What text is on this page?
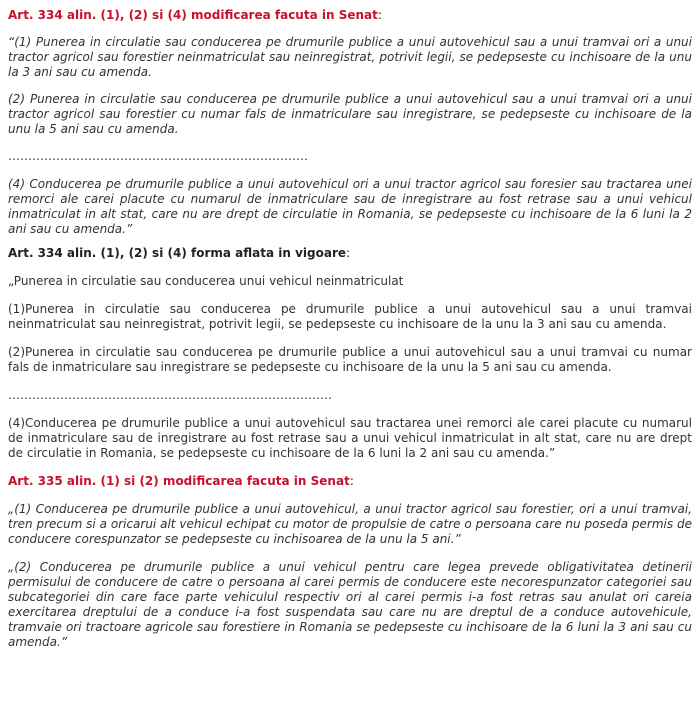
Art. 334 alin. (1), (2) si (4) modificarea facuta in Senat:

“(1) Punerea in circulatie sau conducerea pe drumurile publice a unui autovehicul sau a unui tramvai ori a unui tractor agricol sau forestier neinmatriculat sau neinregistrat, potrivit legii, se pedepseste cu inchisoare de la unu la 3 ani sau cu amenda.

(2) Punerea in circulatie sau conducerea pe drumurile publice a unui autovehicul sau a unui tramvai ori a unui tractor agricol sau forestier cu numar fals de inmatriculare sau inregistrare, se pedepseste cu inchisoare de la unu la 5 ani sau cu amenda.

…………………………………………………………………

(4) Conducerea pe drumurile publice a unui autovehicul ori a unui tractor agricol sau foresier sau tractarea unei remorci ale carei placute cu numarul de inmatriculare sau de inregistrare au fost retrase sau a unui vehicul inmatriculat in alt stat, care nu are drept de circulatie in Romania, se pedepseste cu inchisoare de la 6 luni la 2 ani sau cu amenda.”

Art. 334 alin. (1), (2) si (4) forma aflata in vigoare:

„Punerea in circulatie sau conducerea unui vehicul neinmatriculat

(1)Punerea in circulatie sau conducerea pe drumurile publice a unui autovehicul sau a unui tramvai neinmatriculat sau neinregistrat, potrivit legii, se pedepseste cu inchisoare de la unu la 3 ani sau cu amenda.

(2)Punerea in circulatie sau conducerea pe drumurile publice a unui autovehicul sau a unui tramvai cu numar fals de inmatriculare sau inregistrare se pedepseste cu inchisoare de la unu la 5 ani sau cu amenda.

………………………………………………………………………

(4)Conducerea pe drumurile publice a unui autovehicul sau tractarea unei remorci ale carei placute cu numarul de inmatriculare sau de inregistrare au fost retrase sau a unui vehicul inmatriculat in alt stat, care nu are drept de circulatie in Romania, se pedepseste cu inchisoare de la 6 luni la 2 ani sau cu amenda.”

Art. 335 alin. (1) si (2) modificarea facuta in Senat:

„(1) Conducerea pe drumurile publice a unui autovehicul, a unui tractor agricol sau forestier, ori a unui tramvai, tren precum si a oricarui alt vehicul echipat cu motor de propulsie de catre o persoana care nu poseda permis de conducere corespunzator se pedepseste cu inchisoarea de la unu la 5 ani.”

„(2) Conducerea pe drumurile publice a unui vehicul pentru care legea prevede obligativitatea detinerii permisului de conducere de catre o persoana al carei permis de conducere este necorespunzator categoriei sau subcategoriei din care face parte vehiculul respectiv ori al carei permis i-a fost retras sau anulat ori careia exercitarea dreptului de a conduce i-a fost suspendata sau care nu are dreptul de a conduce autovehicule, tramvaie ori tractoare agricole sau forestiere in Romania se pedepseste cu inchisoare de la 6 luni la 3 ani sau cu amenda.”
